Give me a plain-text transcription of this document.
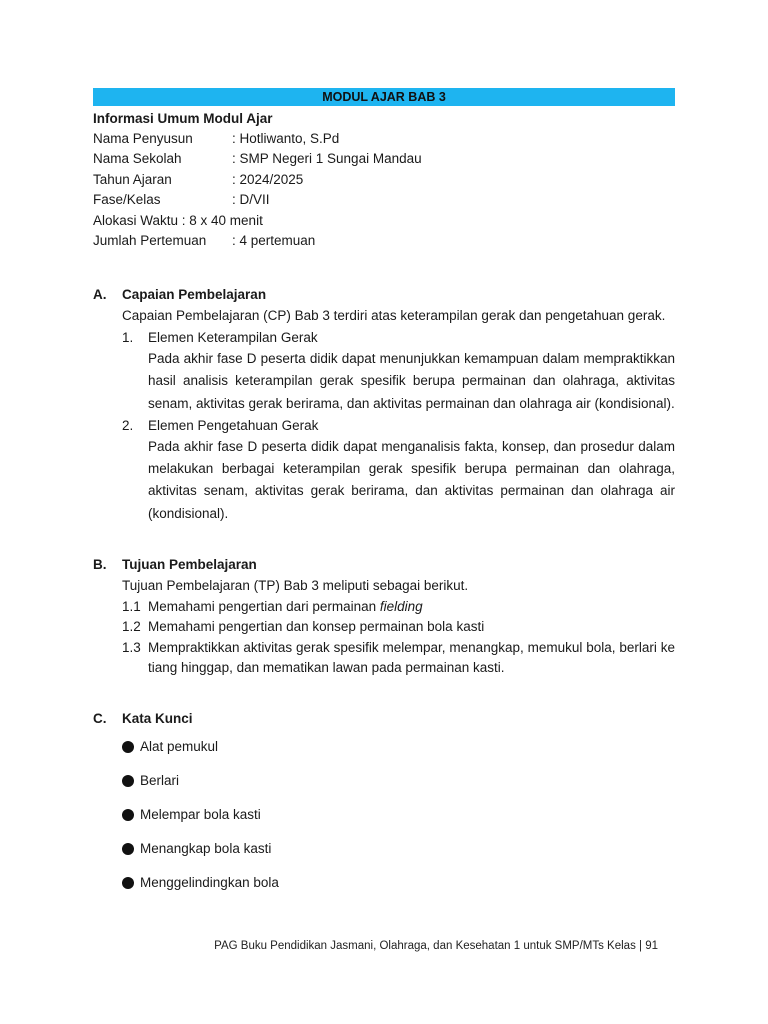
MODUL AJAR BAB 3
Informasi Umum Modul Ajar
Nama Penyusun	: Hotliwanto, S.Pd
Nama Sekolah	: SMP Negeri 1 Sungai Mandau
Tahun Ajaran	: 2024/2025
Fase/Kelas	: D/VII
Alokasi Waktu : 8 x 40 menit
Jumlah Pertemuan	: 4 pertemuan
A.	Capaian Pembelajaran
Capaian Pembelajaran (CP) Bab 3 terdiri atas keterampilan gerak dan pengetahuan gerak.
1.	Elemen Keterampilan Gerak
Pada akhir fase D peserta didik dapat menunjukkan kemampuan dalam mempraktikkan hasil analisis keterampilan gerak spesifik berupa permainan dan olahraga, aktivitas senam, aktivitas gerak berirama, dan aktivitas permainan dan olahraga air (kondisional).
2.	Elemen Pengetahuan Gerak
Pada akhir fase D peserta didik dapat menganalisis fakta, konsep, dan prosedur dalam melakukan berbagai keterampilan gerak spesifik berupa permainan dan olahraga, aktivitas senam, aktivitas gerak berirama, dan aktivitas permainan dan olahraga air (kondisional).
B.	Tujuan Pembelajaran
Tujuan Pembelajaran (TP) Bab 3 meliputi sebagai berikut.
1.1 Memahami pengertian dari permainan fielding
1.2 Memahami pengertian dan konsep permainan bola kasti
1.3 Mempraktikkan aktivitas gerak spesifik melempar, menangkap, memukul bola, berlari ke tiang hinggap, dan mematikan lawan pada permainan kasti.
C.	Kata Kunci
Alat pemukul
Berlari
Melempar bola kasti
Menangkap bola kasti
Menggelindingkan bola
PAG Buku Pendidikan Jasmani, Olahraga, dan Kesehatan 1 untuk SMP/MTs Kelas | 91
